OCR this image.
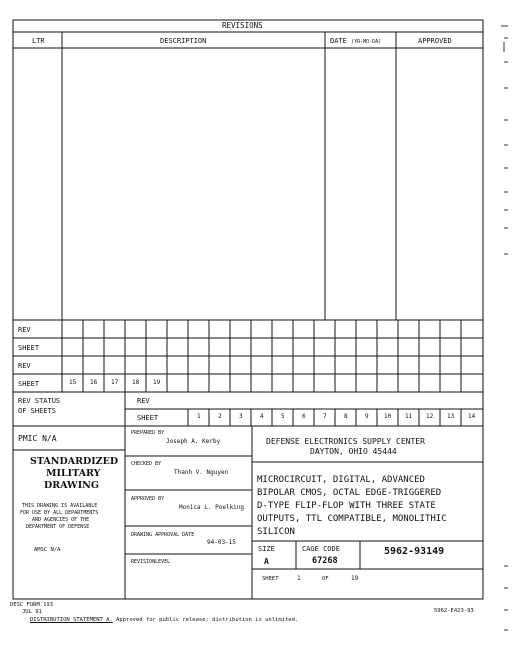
REVISIONS
LTR	DESCRIPTION	DATE (YR-MO-DA)	APPROVED
REV
SHEET
REV
SHEET	15 16 17 18 19
REV STATUS
OF SHEETS
REV
SHEET	1	2	3	4	5	6	7	8	9	10 11 12 13 14
PMIC N/A
STANDARDIZED
MILITARY
DRAWING
THIS DRAWING IS AVAILABLE
FOR USE BY ALL DEPARTMENTS
AND AGENCIES OF THE
DEPARTMENT OF DEFENSE
AMSC N/A
PREPARED BY
Joseph A. Kerby
CHECKED BY
Thanh V. Nguyen
APPROVED BY
Monica L. Poelking
DRAWING APPROVAL DATE
94-03-15
REVISIONLEVEL
DEFENSE ELECTRONICS SUPPLY CENTER
DAYTON, OHIO 45444
MICROCIRCUIT, DIGITAL, ADVANCED
BIPOLAR CMOS, OCTAL EDGE-TRIGGERED
D-TYPE FLIP-FLOP WITH THREE STATE
OUTPUTS, TTL COMPATIBLE, MONOLITHIC
SILICON
SIZE
A
CAGE CODE
67268
5962-93149
SHEET	1	OF	19
DESC FORM 193
JUL 91
DISTRIBUTION STATEMENT A. Approved for public release; distribution is unlimited.
5962-E423-93
